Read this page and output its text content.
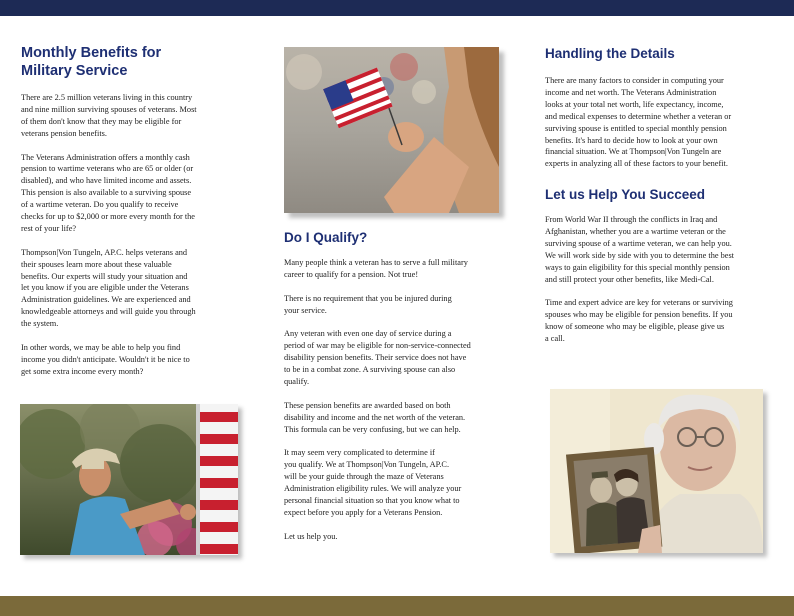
Monthly Benefits for
Military Service

There are 2.5 million veterans living in this country
and nine million surviving spouses of veterans. Most
of them don't know that they may be eligible for
veterans pension benefits.

The Veterans Administration offers a monthly cash
pension to wartime veterans who are 65 or older (or
disabled), and who have limited income and assets.
This pension is also available to a surviving spouse
of a wartime veteran. Do you qualify to receive
checks for up to $2,000 or more every month for the
rest of your life?

Thompson|Von Tungeln, AP.C. helps veterans and
their spouses learn more about these valuable
benefits. Our experts will study your situation and
let you know if you are eligible under the Veterans
Administration guidelines. We are experienced and
knowledgeable attorneys and will guide you through
the system.

In other words, we may be able to help you find
income you didn't anticipate. Wouldn't it be nice to
get some extra income every month?

Do I Qualify?

Many people think a veteran has to serve a full military
career to qualify for a pension. Not true!

There is no requirement that you be injured during
your service.

Any veteran with even one day of service during a
period of war may be eligible for non-service-connected
disability pension benefits. Their service does not have
to be in a combat zone. A surviving spouse can also
qualify.

These pension benefits are awarded based on both
disability and income and the net worth of the veteran.
This formula can be very confusing, but we can help.

It may seem very complicated to determine if
you qualify. We at Thompson|Von Tungeln, AP.C.
will be your guide through the maze of Veterans
Administration eligibility rules. We will analyze your
personal financial situation so that you know what to
expect before you apply for a Veterans Pension.

Let us help you.

Handling the Details

There are many factors to consider in computing your
income and net worth. The Veterans Administration
looks at your total net worth, life expectancy, income,
and medical expenses to determine whether a veteran or
surviving spouse is entitled to special monthly pension
benefits. It's hard to decide how to look at your own
financial situation. We at Thompson|Von Tungeln are
experts in analyzing all of these factors to your benefit.

Let us Help You Succeed

From World War II through the conflicts in Iraq and
Afghanistan, whether you are a wartime veteran or the
surviving spouse of a wartime veteran, we can help you.
We will work side by side with you to determine the best
ways to gain eligibility for this special monthly pension
and still protect your other benefits, like Medi-Cal.

Time and expert advice are key for veterans or surviving
spouses who may be eligible for pension benefits. If you
know of someone who may be eligible, please give us
a call.
